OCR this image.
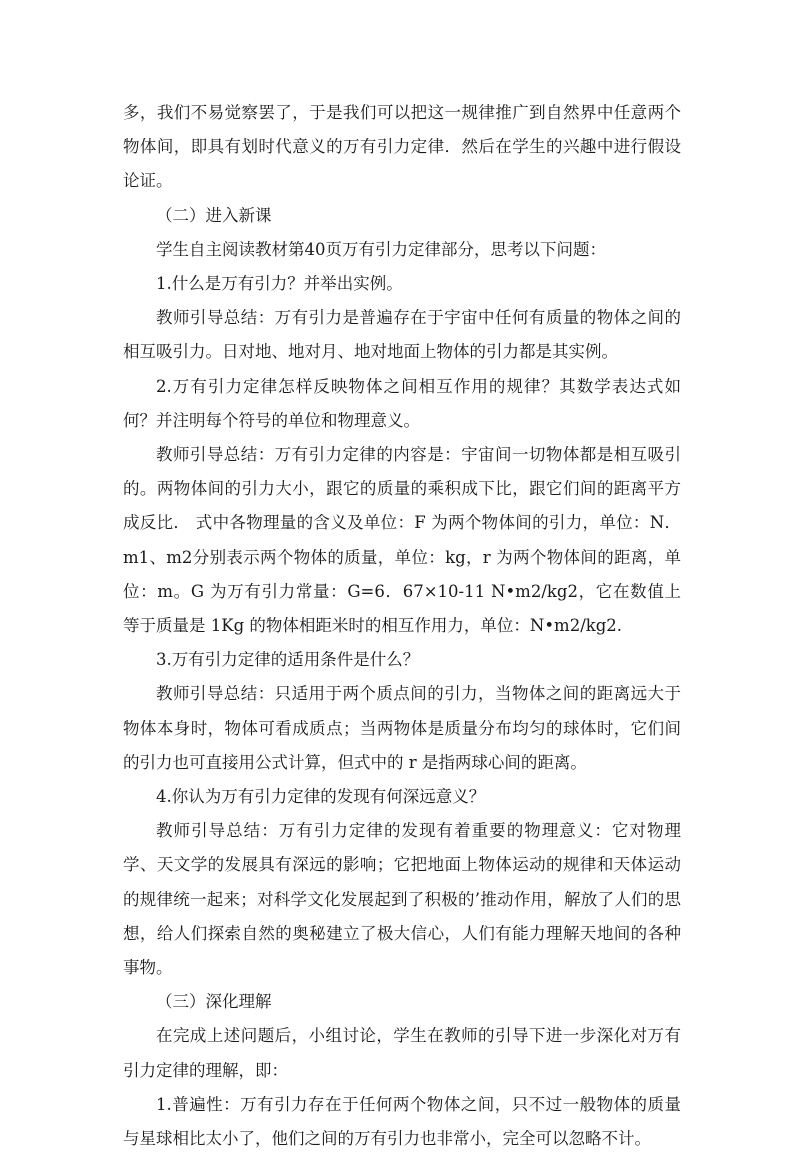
多，我们不易觉察罢了，于是我们可以把这一规律推广到自然界中任意两个物体间，即具有划时代意义的万有引力定律．然后在学生的兴趣中进行假设论证。

（二）进入新课

学生自主阅读教材第40页万有引力定律部分，思考以下问题：

1.什么是万有引力？并举出实例。

教师引导总结：万有引力是普遍存在于宇宙中任何有质量的物体之间的相互吸引力。日对地、地对月、地对地面上物体的引力都是其实例。

2.万有引力定律怎样反映物体之间相互作用的规律？其数学表达式如何？并注明每个符号的单位和物理意义。

教师引导总结：万有引力定律的内容是：宇宙间一切物体都是相互吸引的。两物体间的引力大小，跟它的质量的乘积成下比，跟它们间的距离平方成反比． 式中各物理量的含义及单位：F 为两个物体间的引力，单位：N．m1、m2分别表示两个物体的质量，单位：kg，r 为两个物体间的距离，单位：m。G 为万有引力常量：G=6．67×10-11 N•m2/kg2，它在数值上等于质量是 1Kg 的物体相距米时的相互作用力，单位：N•m2/kg2.

3.万有引力定律的适用条件是什么？

教师引导总结：只适用于两个质点间的引力，当物体之间的距离远大于物体本身时，物体可看成质点；当两物体是质量分布均匀的球体时，它们间的引力也可直接用公式计算，但式中的 r 是指两球心间的距离。

4.你认为万有引力定律的发现有何深远意义？

教师引导总结：万有引力定律的发现有着重要的物理意义：它对物理学、天文学的发展具有深远的影响；它把地面上物体运动的规律和天体运动的规律统一起来；对科学文化发展起到了积极的’推动作用，解放了人们的思想，给人们探索自然的奥秘建立了极大信心，人们有能力理解天地间的各种事物。

（三）深化理解

在完成上述问题后，小组讨论，学生在教师的引导下进一步深化对万有引力定律的理解，即：

1.普遍性：万有引力存在于任何两个物体之间，只不过一般物体的质量与星球相比太小了，他们之间的万有引力也非常小，完全可以忽略不计。
